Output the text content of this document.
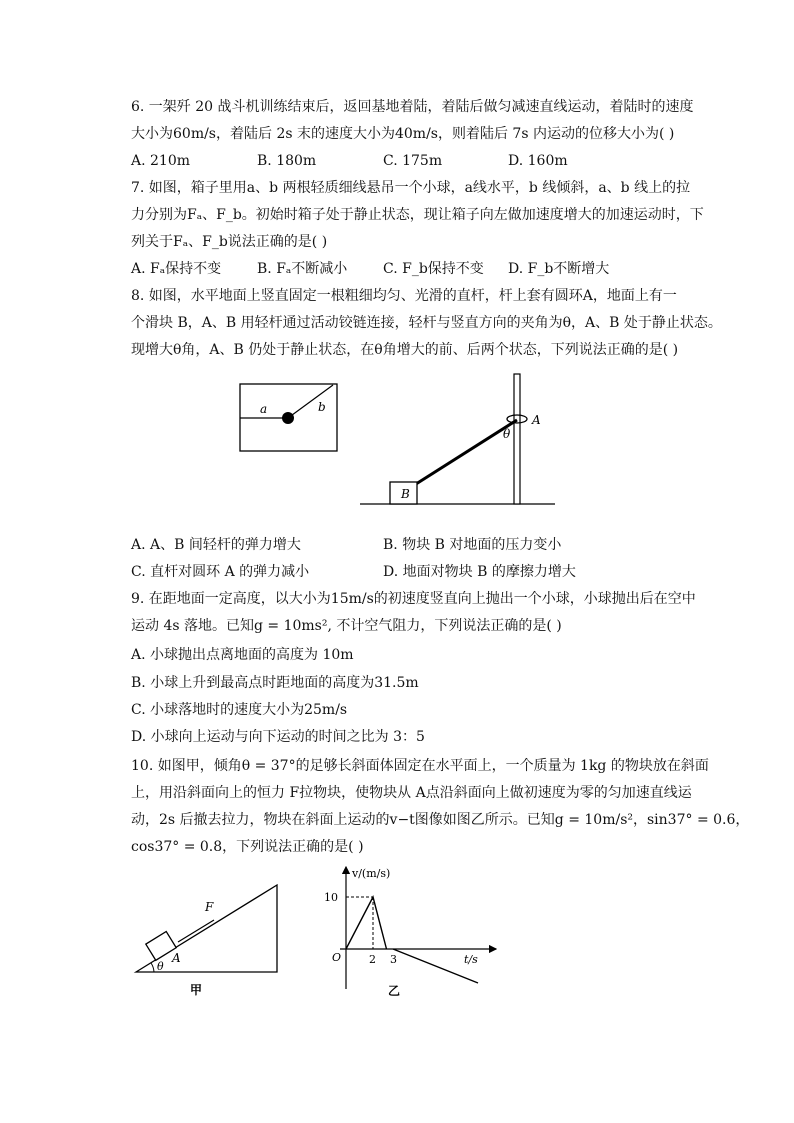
6. 一架歼 20 战斗机训练结束后，返回基地着陆，着陆后做匀减速直线运动，着陆时的速度
大小为60m/s，着陆后 2s 末的速度大小为40m/s，则着陆后 7s 内运动的位移大小为( )
A. 210m	B. 180m	C. 175m	D. 160m
7. 如图，箱子里用a、b 两根轻质细线悬吊一个小球，a线水平，b 线倾斜，a、b 线上的拉
力分别为Fₐ、F_b。初始时箱子处于静止状态，现让箱子向左做加速度增大的加速运动时，下
列关于Fₐ、F_b说法正确的是( )
A. Fₐ保持不变	B. Fₐ不断减小	C. F_b保持不变 D. F_b不断增大
8. 如图，水平地面上竖直固定一根粗细均匀、光滑的直杆，杆上套有圆环A，地面上有一
个滑块 B，A、B 用轻杆通过活动铰链连接，轻杆与竖直方向的夹角为θ，A、B 处于静止状态。
现增大θ角，A、B 仍处于静止状态，在θ角增大的前、后两个状态，下列说法正确的是( )
a	b
B
A
θ
A. A、B 间轻杆的弹力增大	B. 物块 B 对地面的压力变小
C. 直杆对圆环 A 的弹力减小	D. 地面对物块 B 的摩擦力增大
9. 在距地面一定高度，以大小为15m/s的初速度竖直向上抛出一个小球，小球抛出后在空中
运动 4s 落地。已知g = 10ms², 不计空气阻力，下列说法正确的是( )
A. 小球抛出点离地面的高度为 10m
B. 小球上升到最高点时距地面的高度为31.5m
C. 小球落地时的速度大小为25m/s
D. 小球向上运动与向下运动的时间之比为 3：5
10. 如图甲，倾角θ = 37°的足够长斜面体固定在水平面上，一个质量为 1kg 的物块放在斜面
上，用沿斜面向上的恒力 F拉物块，使物块从 A点沿斜面向上做初速度为零的匀加速直线运
动，2s 后撤去拉力，物块在斜面上运动的v−t图像如图乙所示。已知g = 10m/s²，sin37° = 0.6，
cos37° = 0.8，下列说法正确的是( )
F
A
θ
甲
v/(m/s)
t/s
10
O	2 3
乙
